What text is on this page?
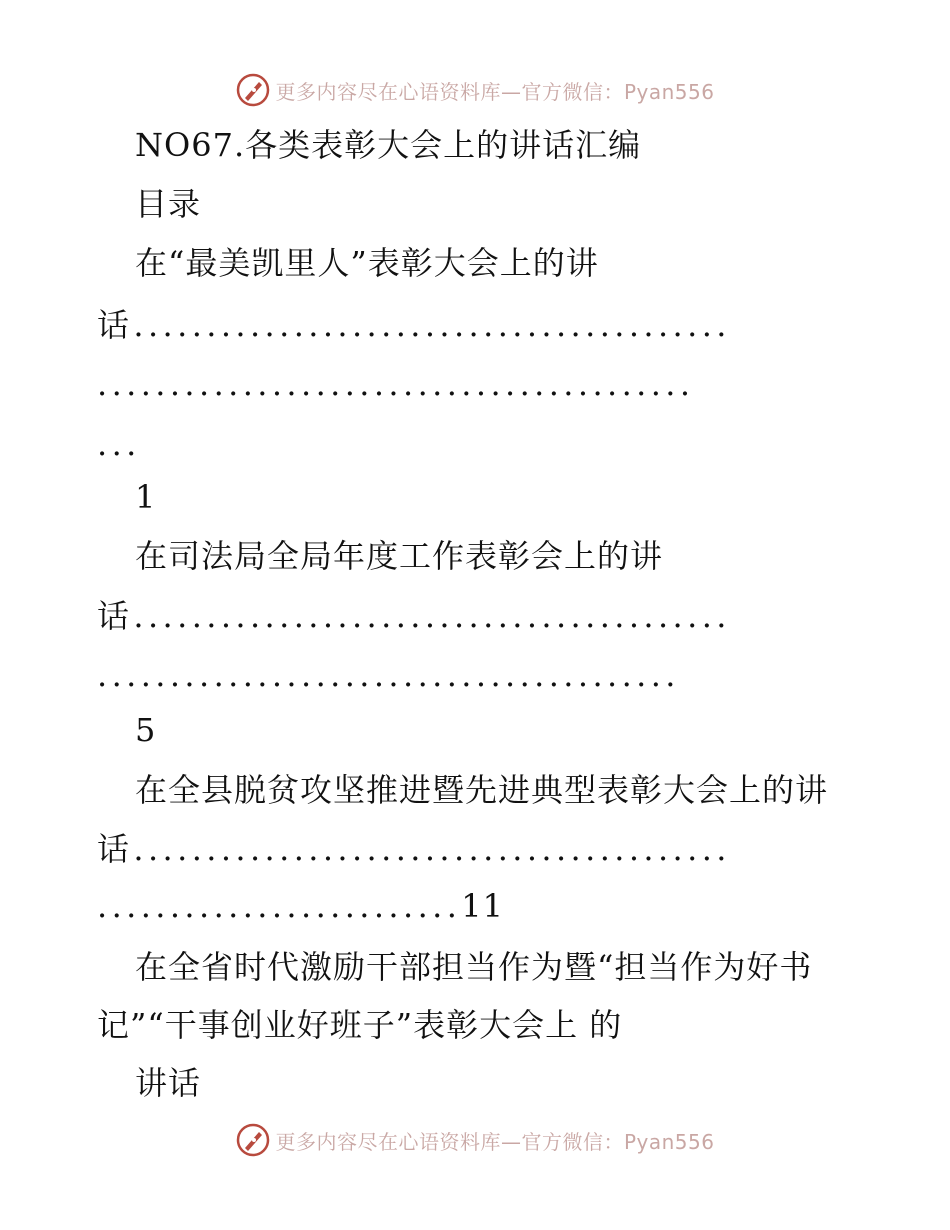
更多内容尽在心语资料库—官方微信：Pyan556
NO67.各类表彰大会上的讲话汇编
目录
在“最美凯里人”表彰大会上的讲
话.........................................
.........................................
...
1
在司法局全局年度工作表彰会上的讲
话.........................................
........................................
5
在全县脱贫攻坚推进暨先进典型表彰大会上的讲
话.........................................
.........................11
在全省时代激励干部担当作为暨“担当作为好书
记”“干事创业好班子”表彰大会上 的
讲话
更多内容尽在心语资料库—官方微信：Pyan556
